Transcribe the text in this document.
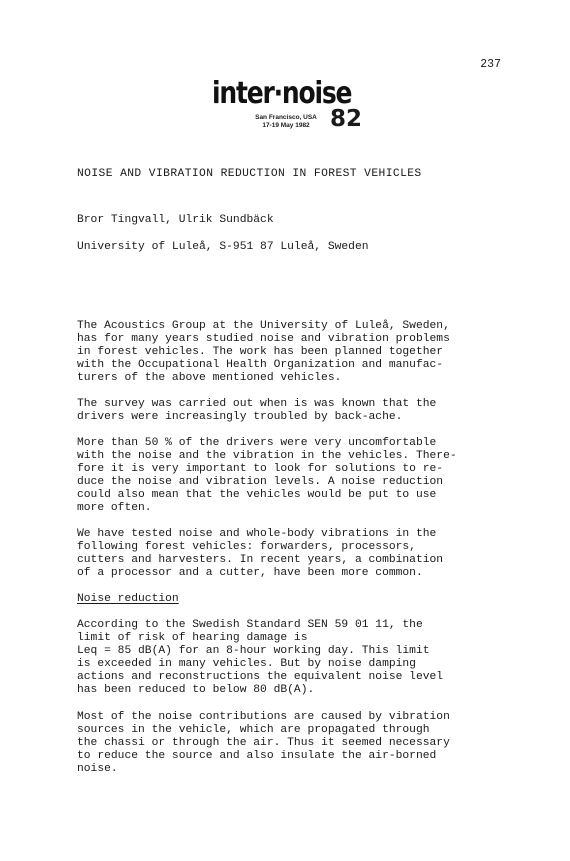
237
inter·noise
San Francisco, USA
17-19 May 1982 82

NOISE AND VIBRATION REDUCTION IN FOREST VEHICLES

Bror Tingvall, Ulrik Sundbäck

University of Luleå, S-951 87 Luleå, Sweden

The Acoustics Group at the University of Luleå, Sweden,
has for many years studied noise and vibration problems
in forest vehicles. The work has been planned together
with the Occupational Health Organization and manufac-
turers of the above mentioned vehicles.

The survey was carried out when is was known that the
drivers were increasingly troubled by back-ache.

More than 50 % of the drivers were very uncomfortable
with the noise and the vibration in the vehicles. There-
fore it is very important to look for solutions to re-
duce the noise and vibration levels. A noise reduction
could also mean that the vehicles would be put to use
more often.

We have tested noise and whole-body vibrations in the
following forest vehicles: forwarders, processors,
cutters and harvesters. In recent years, a combination
of a processor and a cutter, have been more common.

Noise reduction

According to the Swedish Standard SEN 59 01 11, the
limit of risk of hearing damage is
Leq = 85 dB(A) for an 8-hour working day. This limit
is exceeded in many vehicles. But by noise damping
actions and reconstructions the equivalent noise level
has been reduced to below 80 dB(A).

Most of the noise contributions are caused by vibration
sources in the vehicle, which are propagated through
the chassi or through the air. Thus it seemed necessary
to reduce the source and also insulate the air-borned
noise.
